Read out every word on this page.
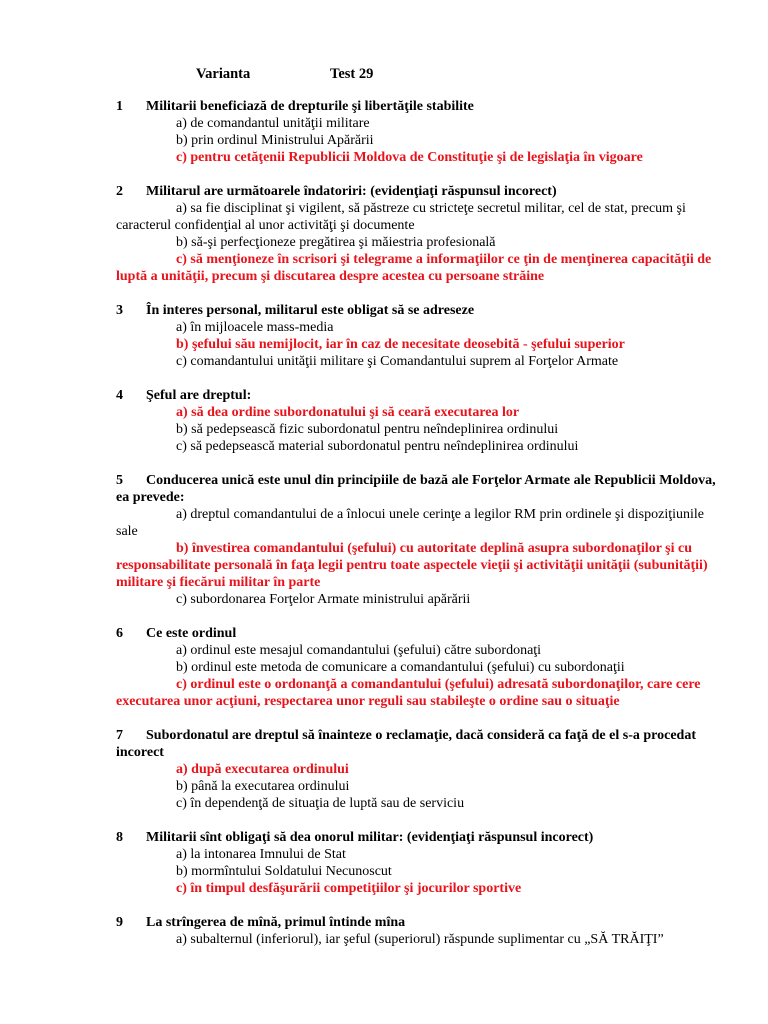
Varianta	Test 29
1 Militarii beneficiază de drepturile şi libertăţile stabilite
a) de comandantul unităţii militare
b) prin ordinul Ministrului Apărării
c) pentru cetăţenii Republicii Moldova de Constituţie şi de legislaţia în vigoare
2 Militarul are următoarele îndatoriri: (evidenţiaţi răspunsul incorect)
a) sa fie disciplinat şi vigilent, să păstreze cu stricteţe secretul militar, cel de stat, precum şi caracterul confidenţial al unor activităţi şi documente
b) să-şi perfecţioneze pregătirea şi măiestria profesională
c) să menţioneze în scrisori şi telegrame a informaţiilor ce ţin de menţinerea capacităţii de luptă a unităţii, precum şi discutarea despre acestea cu persoane străine
3 În interes personal, militarul este obligat să se adreseze
a) în mijloacele mass-media
b) şefului său nemijlocit, iar în caz de necesitate deosebită - şefului superior
c) comandantului unităţii militare şi Comandantului suprem al Forţelor Armate
4 Şeful are dreptul:
a) să dea ordine subordonatului şi să ceară executarea lor
b) să pedepsească fizic subordonatul pentru neîndeplinirea ordinului
c) să pedepsească material subordonatul pentru neîndeplinirea ordinului
5 Conducerea unică este unul din principiile de bază ale Forţelor Armate ale Republicii Moldova, ea prevede:
a) dreptul comandantului de a înlocui unele cerinţe a legilor RM prin ordinele şi dispoziţiunile sale
b) învestirea comandantului (şefului) cu autoritate deplină asupra subordonaţilor şi cu responsabilitate personală în faţa legii pentru toate aspectele vieţii şi activităţii unităţii (subunităţii) militare şi fiecărui militar în parte
c) subordonarea Forţelor Armate ministrului apărării
6 Ce este ordinul
a) ordinul este mesajul comandantului (şefului) către subordonaţi
b) ordinul este metoda de comunicare a comandantului (şefului) cu subordonaţii
c) ordinul este o ordonanţă a comandantului (şefului) adresată subordonaţilor, care cere executarea unor acţiuni, respectarea unor reguli sau stabileşte o ordine sau o situaţie
7 Subordonatul are dreptul să înainteze o reclamaţie, dacă consideră ca faţă de el s-a procedat incorect
a) după executarea ordinului
b) până la executarea ordinului
c) în dependenţă de situaţia de luptă sau de serviciu
8 Militarii sînt obligaţi să dea onorul militar: (evidenţiaţi răspunsul incorect)
a) la intonarea Imnului de Stat
b) mormîntului Soldatului Necunoscut
c) în timpul desfăşurării competiţiilor şi jocurilor sportive
9 La strîngerea de mînă, primul întinde mîna
a) subalternul (inferiorul), iar şeful (superiorul) răspunde suplimentar cu „SĂ TRĂIŢI”
